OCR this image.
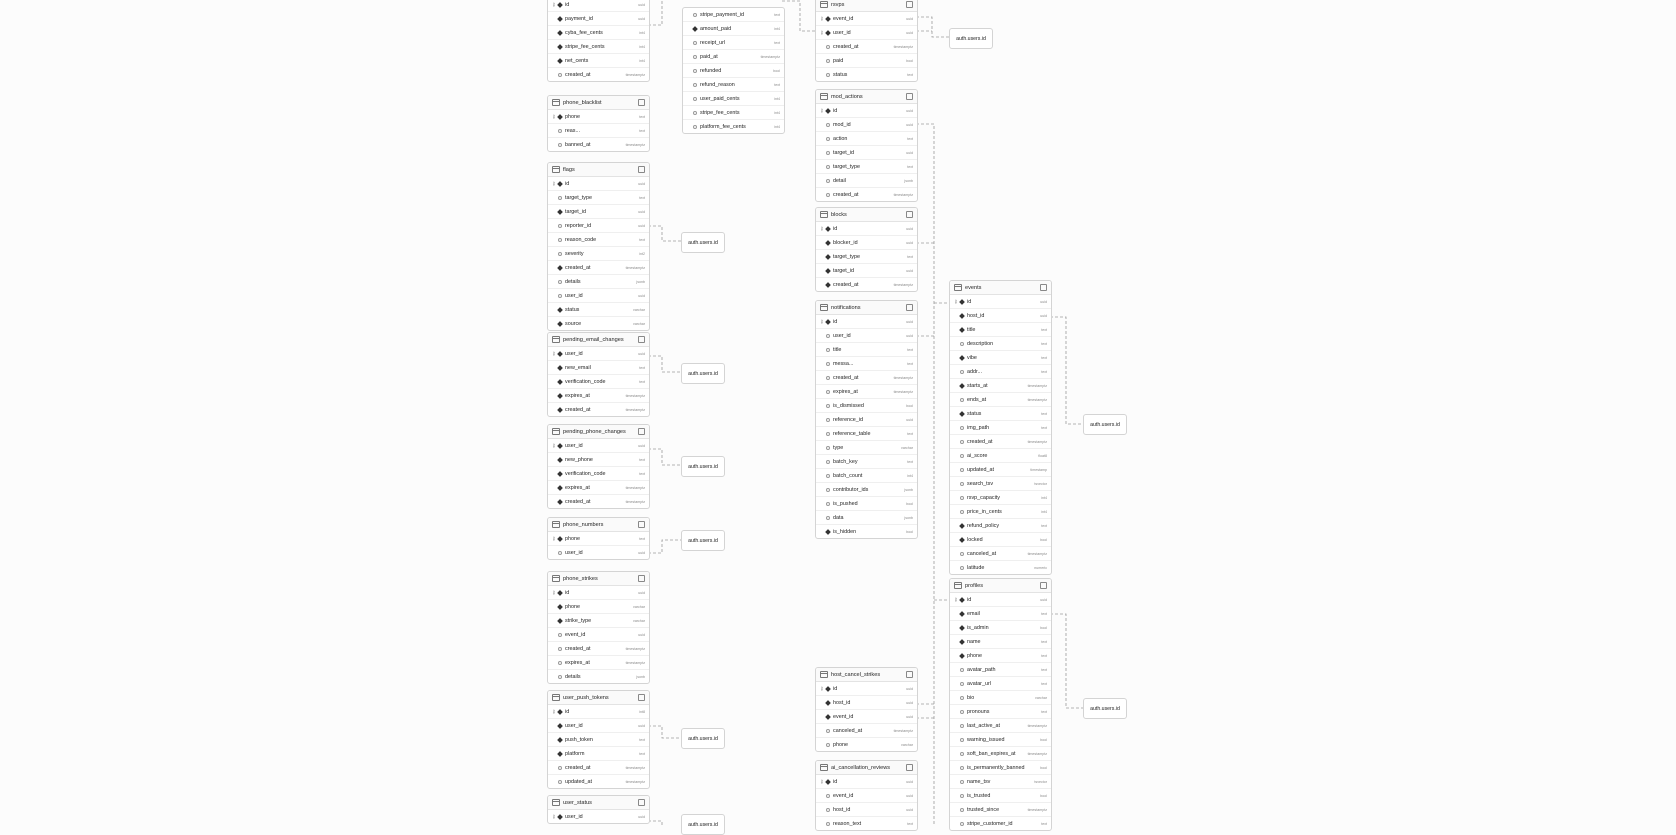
⚷	id	uuid
payment_id	uuid
cyba_fee_cents	int4
stripe_fee_cents	int4
net_cents	int4
created_at	timestamptz
phone_blacklist
⚷	phone	text
reas...	text
banned_at	timestamptz
flags
⚷	id	uuid
target_type	text
target_id	uuid
reporter_id	uuid
reason_code	text
severity	int2
created_at	timestamptz
details	jsonb
user_id	uuid
status	varchar
source	varchar
pending_email_changes
⚷	user_id	uuid
new_email	text
verification_code	text
expires_at	timestamptz
created_at	timestamptz
pending_phone_changes
⚷	user_id	uuid
new_phone	text
verification_code	text
expires_at	timestamptz
created_at	timestamptz
phone_numbers
⚷	phone	text
user_id	uuid
phone_strikes
⚷	id	uuid
phone	varchar
strike_type	varchar
event_id	uuid
created_at	timestamptz
expires_at	timestamptz
details	jsonb
user_push_tokens
⚷	id	int8
user_id	uuid
push_token	text
platform	text
created_at	timestamptz
updated_at	timestamptz
user_status
⚷	user_id	uuid
stripe_payment_id	text
amount_paid	int4
receipt_url	text
paid_at	timestamptz
refunded	bool
refund_reason	text
user_paid_cents	int4
stripe_fee_cents	int4
platform_fee_cents	int4
rsvps
⚷	event_id	uuid
⚷	user_id	uuid
created_at	timestamptz
paid	bool
status	text
mod_actions
⚷	id	uuid
mod_id	uuid
action	text
target_id	uuid
target_type	text
detail	jsonb
created_at	timestamptz
blocks
⚷	id	uuid
blocker_id	uuid
target_type	text
target_id	uuid
created_at	timestamptz
notifications
⚷	id	uuid
user_id	uuid
title	text
messa...	text
created_at	timestamptz
expires_at	timestamptz
is_dismissed	bool
reference_id	uuid
reference_table	text
type	varchar
batch_key	text
batch_count	int4
contributor_ids	jsonb
is_pushed	bool
data	jsonb
is_hidden	bool
host_cancel_strikes
⚷	id	uuid
host_id	uuid
event_id	uuid
canceled_at	timestamptz
phone	varchar
ai_cancellation_reviews
⚷	id	uuid
event_id	uuid
host_id	uuid
reason_text	text
events
⚷	id	uuid
host_id	uuid
title	text
description	text
vibe	text
addr...	text
starts_at	timestamptz
ends_at	timestamptz
status	text
img_path	text
created_at	timestamptz
ai_score	float8
updated_at	timestamp
search_tsv	tsvector
rsvp_capacity	int4
price_in_cents	int4
refund_policy	text
locked	bool
canceled_at	timestamptz
latitude	numeric
profiles
⚷	id	uuid
email	text
is_admin	bool
name	text
phone	text
avatar_path	text
avatar_url	text
bio	varchar
pronouns	text
last_active_at	timestamptz
warning_issued	bool
soft_ban_expires_at	timestamptz
is_permanently_banned	bool
name_tsv	tsvector
is_trusted	bool
trusted_since	timestamptz
stripe_customer_id	text
auth.users.id
auth.users.id
auth.users.id
auth.users.id
auth.users.id
auth.users.id
auth.users.id
auth.users.id
auth.users.id
